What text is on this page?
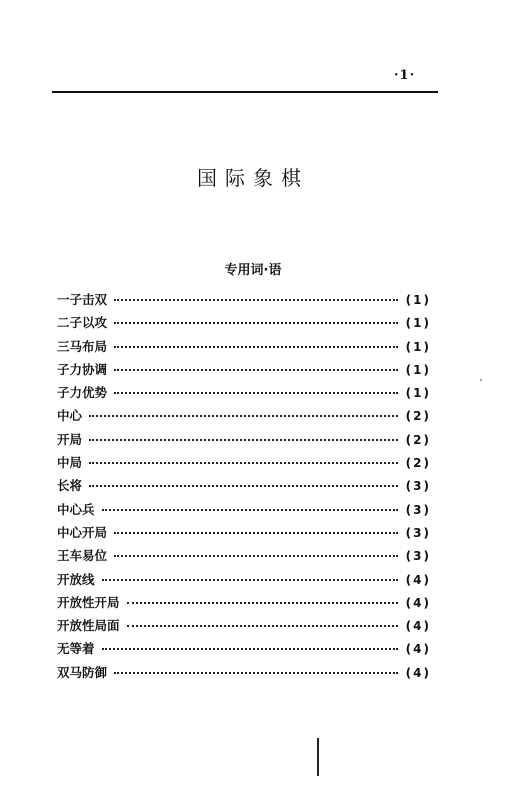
·1·
国际象棋
专用词·语
一子击双	(1)
二子以攻	(1)
三马布局	(1)
子力协调	(1)
子力优势	(1)
中心	(2)
开局	(2)
中局	(2)
长将	(3)
中心兵	(3)
中心开局	(3)
王车易位	(3)
开放线	(4)
开放性开局	(4)
开放性局面	(4)
无等着	(4)
双马防御	(4)
